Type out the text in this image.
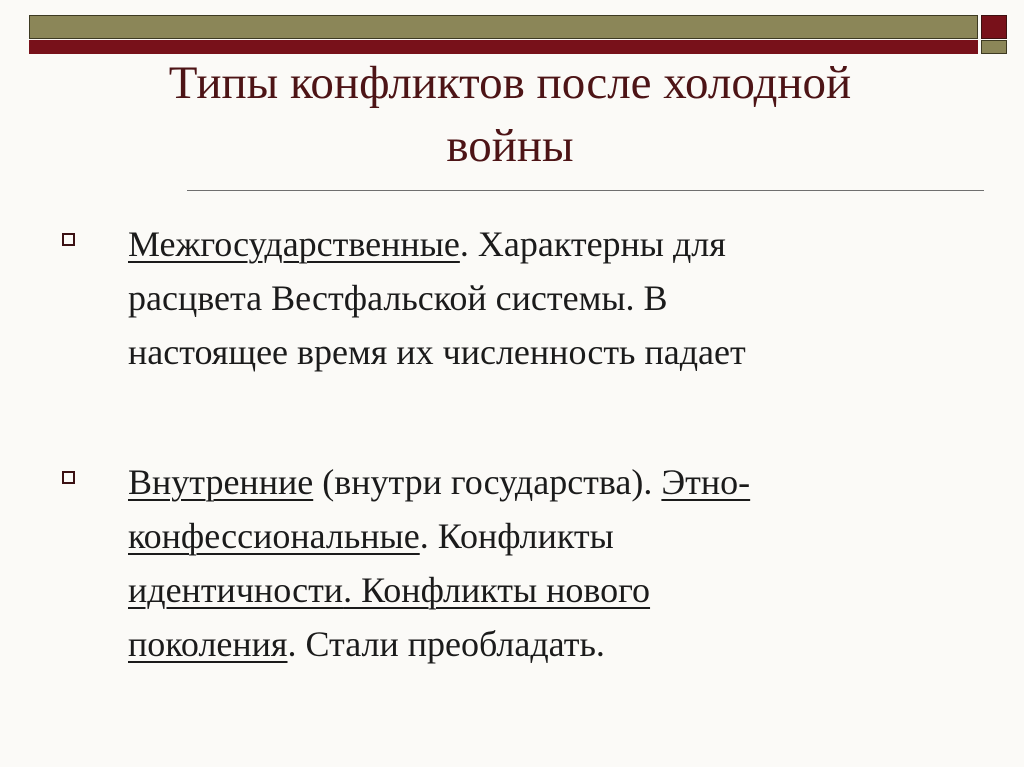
Типы конфликтов после холодной
войны
Межгосударственные. Характерны для
расцвета Вестфальской системы. В
настоящее время их численность падает
Внутренние (внутри государства). Этно-
конфессиональные. Конфликты
идентичности. Конфликты нового
поколения. Стали преобладать.
